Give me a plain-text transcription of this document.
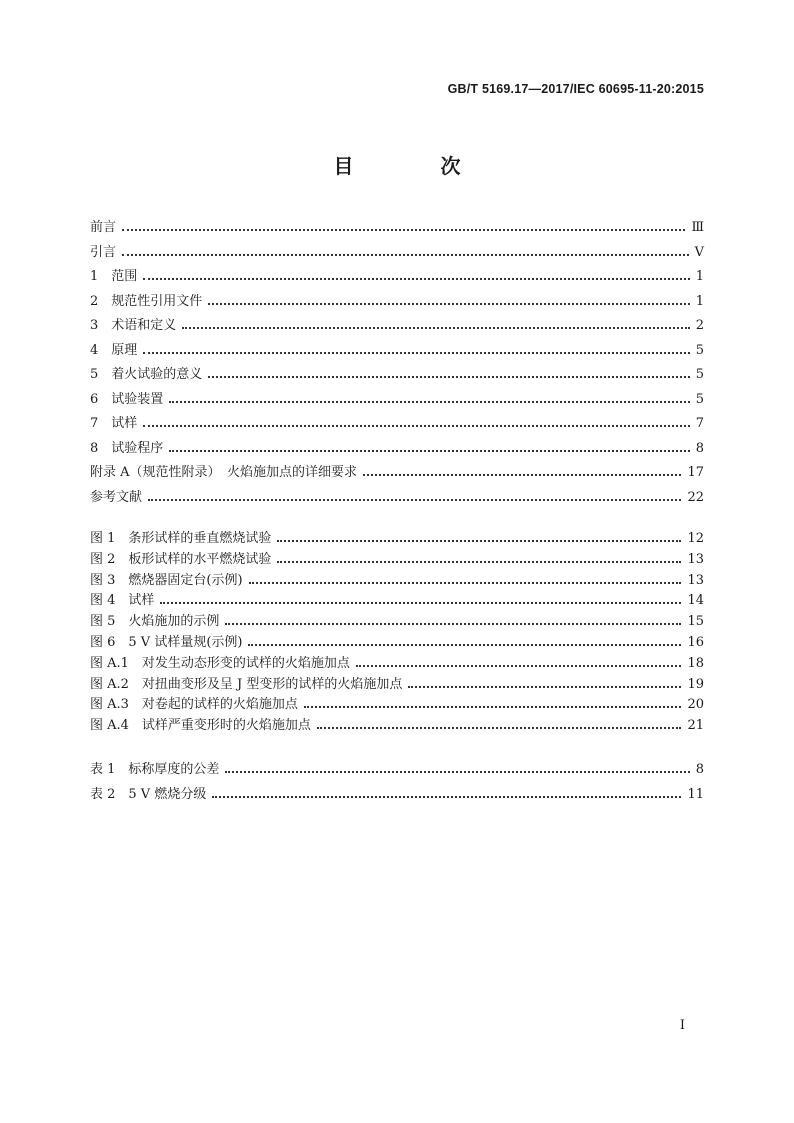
GB/T 5169.17—2017/IEC 60695-11-20:2015
目 次
前言	Ⅲ
引言	Ⅴ
1　范围	1
2　规范性引用文件	1
3　术语和定义	2
4　原理	5
5　着火试验的意义	5
6　试验装置	5
7　试样	7
8　试验程序	8
附录 A（规范性附录）　火焰施加点的详细要求	17
参考文献	22
图 1　条形试样的垂直燃烧试验	12
图 2　板形试样的水平燃烧试验	13
图 3　燃烧器固定台(示例)	13
图 4　试样	14
图 5　火焰施加的示例	15
图 6　5 V 试样量规(示例)	16
图 A.1　对发生动态形变的试样的火焰施加点	18
图 A.2　对扭曲变形及呈 J 型变形的试样的火焰施加点	19
图 A.3　对卷起的试样的火焰施加点	20
图 A.4　试样严重变形时的火焰施加点	21
表 1　标称厚度的公差	8
表 2　5 V 燃烧分级	11
Ⅰ
